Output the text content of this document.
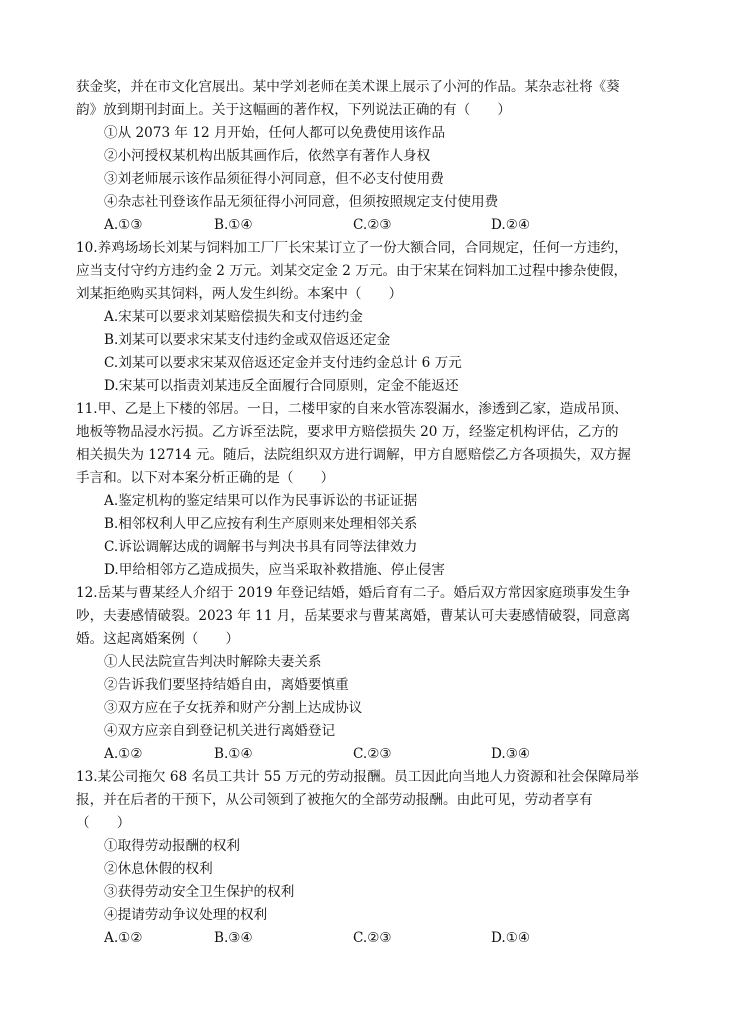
获金奖，并在市文化宫展出。某中学刘老师在美术课上展示了小河的作品。某杂志社将《葵
韵》放到期刊封面上。关于这幅画的著作权，下列说法正确的有（　　）
①从 2073 年 12 月开始，任何人都可以免费使用该作品
②小河授权某机构出版其画作后，依然享有著作人身权
③刘老师展示该作品须征得小河同意，但不必支付使用费
④杂志社刊登该作品无须征得小河同意，但须按照规定支付使用费
A.①③	B.①④	C.②③	D.②④
10.养鸡场场长刘某与饲料加工厂厂长宋某订立了一份大额合同，合同规定，任何一方违约，
应当支付守约方违约金 2 万元。刘某交定金 2 万元。由于宋某在饲料加工过程中掺杂使假，
刘某拒绝购买其饲料，两人发生纠纷。本案中（　　）
A.宋某可以要求刘某赔偿损失和支付违约金
B.刘某可以要求宋某支付违约金或双倍返还定金
C.刘某可以要求宋某双倍返还定金并支付违约金总计 6 万元
D.宋某可以指责刘某违反全面履行合同原则，定金不能返还
11.甲、乙是上下楼的邻居。一日，二楼甲家的自来水管冻裂漏水，渗透到乙家，造成吊顶、
地板等物品浸水污损。乙方诉至法院，要求甲方赔偿损失 20 万，经鉴定机构评估，乙方的
相关损失为 12714 元。随后，法院组织双方进行调解，甲方自愿赔偿乙方各项损失，双方握
手言和。以下对本案分析正确的是（　　）
A.鉴定机构的鉴定结果可以作为民事诉讼的书证证据
B.相邻权利人甲乙应按有利生产原则来处理相邻关系
C.诉讼调解达成的调解书与判决书具有同等法律效力
D.甲给相邻方乙造成损失，应当采取补救措施、停止侵害
12.岳某与曹某经人介绍于 2019 年登记结婚，婚后育有二子。婚后双方常因家庭琐事发生争
吵，夫妻感情破裂。2023 年 11 月，岳某要求与曹某离婚，曹某认可夫妻感情破裂，同意离
婚。这起离婚案例（　　）
①人民法院宣告判决时解除夫妻关系
②告诉我们要坚持结婚自由，离婚要慎重
③双方应在子女抚养和财产分割上达成协议
④双方应亲自到登记机关进行离婚登记
A.①②	B.①④	C.②③	D.③④
13.某公司拖欠 68 名员工共计 55 万元的劳动报酬。员工因此向当地人力资源和社会保障局举
报，并在后者的干预下，从公司领到了被拖欠的全部劳动报酬。由此可见，劳动者享有
（　　）
①取得劳动报酬的权利
②休息休假的权利
③获得劳动安全卫生保护的权利
④提请劳动争议处理的权利
A.①②	B.③④	C.②③	D.①④
